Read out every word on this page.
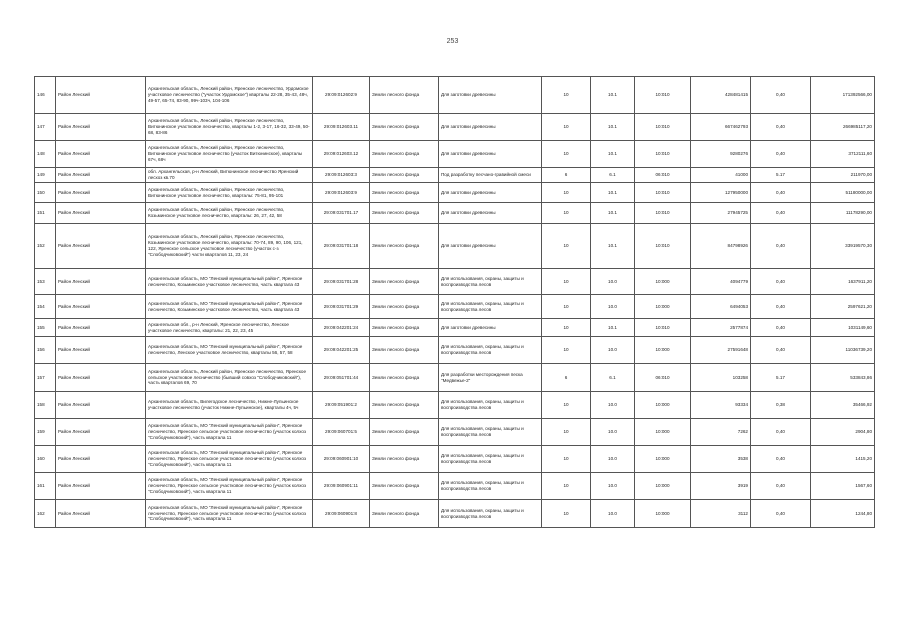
253
146	Район Ленский	Архангельская область, Ленский район, Яренское лесничество, Урдомское участковое лесничество ("участок Урдомское") кварталы 22-28, 35-43, 48ч, 49-57, 65-74, 83-90, 99ч-103ч, 104-106	29:09:012602:9	Земли лесного фонда	Для заготовки древесины	10	10.1	10:010	428481415	0,40	171392566,00
147	Район Ленский	Архангельская область, Ленский район, Яренское лесничество, Витюнинское участковое лесничество, кварталы 1-2, 3-17, 16-32, 33-49, 50-68, 83-86	29:09:012603.11	Земли лесного фонда	Для заготовки древесины	10	10.1	10:010	667462793	0,40	266985117,20
148	Район Ленский	Архангельская область, Ленский район, Яренское лесничество, Витюнинское участковое лесничество (участок Витюнинское), кварталы 67ч, 68ч	29:09:012603.12	Земли лесного фонда	Для заготовки древесины	10	10.1	10:010	9280276	0,40	3712111,60
149	Район Ленский	обл. Архангельская, р-н Ленский, Витюнинское лесничество Яренский лесхоз кв.70	29:09:012603:3	Земли лесного фонда	Под разработку песчано-гравийной смеси	6	6.1	06:010	41000	5.17	211970,00
150	Район Ленский	Архангельская область, Ленский район, Яренское лесничество, Витюнинское участковое лесничество, кварталы: 75-81, 95-101	29:09:012603:9	Земли лесного фонда	Для заготовки древесины	10	10.1	10:010	127950000	0,40	51180000,00
151	Район Ленский	Архангельская область, Ленский район, Яренское лесничество, Козьминское участковое лесничество, кварталы: 26, 27, 42, 58	29:09:031701.17	Земли лесного фонда	Для заготовки древесины	10	10.1	10:010	27945725	0,40	11178290,00
152	Район Ленский	Архангельская область, Ленский район, Яренское лесничество, Козьминское участковое лесничество, кварталы: 70-74, 89, 90, 106, 121, 122, Яренское сельское участковое лесничество (участок с-з "Слободчиковский") части кварталов 11, 23, 24	29:09:031701:18	Земли лесного фонда	Для заготовки древесины	10	10.1	10:010	84798926	0,40	33919570,30
153	Район Ленский	Архангельская область, МО "Ленский муниципальный район", Яренское лесничество, Козьминское участковое лесничество, часть квартала 43	29:09:031701:28	Земли лесного фонда	Для использования, охраны, защиты и воспроизводства лесов	10	10.0	10:000	4094779	0,40	1637911,20
154	Район Ленский	Архангельская область, МО "Ленский муниципальный район", Яренское лесничество, Козьминское участковое лесничество, часть квартала 43	29:09:031701:29	Земли лесного фонда	Для использования, охраны, защиты и воспроизводства лесов	10	10.0	10:000	6494053	0,40	2597621,20
155	Район Ленский	Архангельская обл., р-н Ленский, Яренское лесничество, Ленское участковое лесничество, кварталы: 21, 22, 23, 45	29:09:042201:24	Земли лесного фонда	Для заготовки древесины	10	10.1	10:010	2577874	0,40	1031149,60
156	Район Ленский	Архангельская область, МО "Ленский муниципальный район", Яренское лесничество, Ленское участковое лесничество, кварталы 56, 57, 58	29:09:042201:25	Земли лесного фонда	Для использования, охраны, защиты и воспроизводства лесов	10	10.0	10:000	27591648	0,40	11036739,20
157	Район Ленский	Архангельская область, Ленский район, Яренское лесничество, Яренское сельское участковое лесничество (бывший совхоз "Слободчиковский"), часть кварталов 69, 70	29:09:051701:44	Земли лесного фонда	Для разработки месторождения песка "Медвежье-2"	6	6.1	06:010	103258	5.17	533843,86
158	Район Ленский	Архангельская область, Вилегодское лесничество, Нижне-Лупьинское участковое лесничество (участок Нижне-Лупьинское), кварталы 4ч, 5ч	29:09:051901:2	Земли лесного фонда	Для использования, охраны, защиты и воспроизводства лесов	10	10.0	10:000	93334	0,38	35466,92
159	Район Ленский	Архангельская область, МО "Ленский муниципальный район", Яренское лесничество, Яренское сельское участковое лесничество (участок колхоз "Слободчиковский"), часть квартала 11	29:09:060701:5	Земли лесного фонда	Для использования, охраны, защиты и воспроизводства лесов	10	10.0	10:000	7262	0,40	2904,80
160	Район Ленский	Архангельская область, МО "Ленский муниципальный район", Яренское лесничество, Яренское сельское участковое лесничество (участок колхоз "Слободчиковский"), часть квартала 11	29:09:060901:10	Земли лесного фонда	Для использования, охраны, защиты и воспроизводства лесов	10	10.0	10:000	3538	0,40	1415,20
161	Район Ленский	Архангельская область, МО "Ленский муниципальный район", Яренское лесничество, Яренское сельское участковое лесничество (участок колхоз "Слободчиковский"), часть квартала 11	29:09:060901:11	Земли лесного фонда	Для использования, охраны, защиты и воспроизводства лесов	10	10.0	10:000	3919	0,40	1567,60
162	Район Ленский	Архангельская область, МО "Ленский муниципальный район", Яренское лесничество, Яренское сельское участковое лесничество (участок колхоз "Слободчиковский"), часть квартала 11	29:09:060901:8	Земли лесного фонда	Для использования, охраны, защиты и воспроизводства лесов	10	10.0	10:000	3112	0,40	1244,80
